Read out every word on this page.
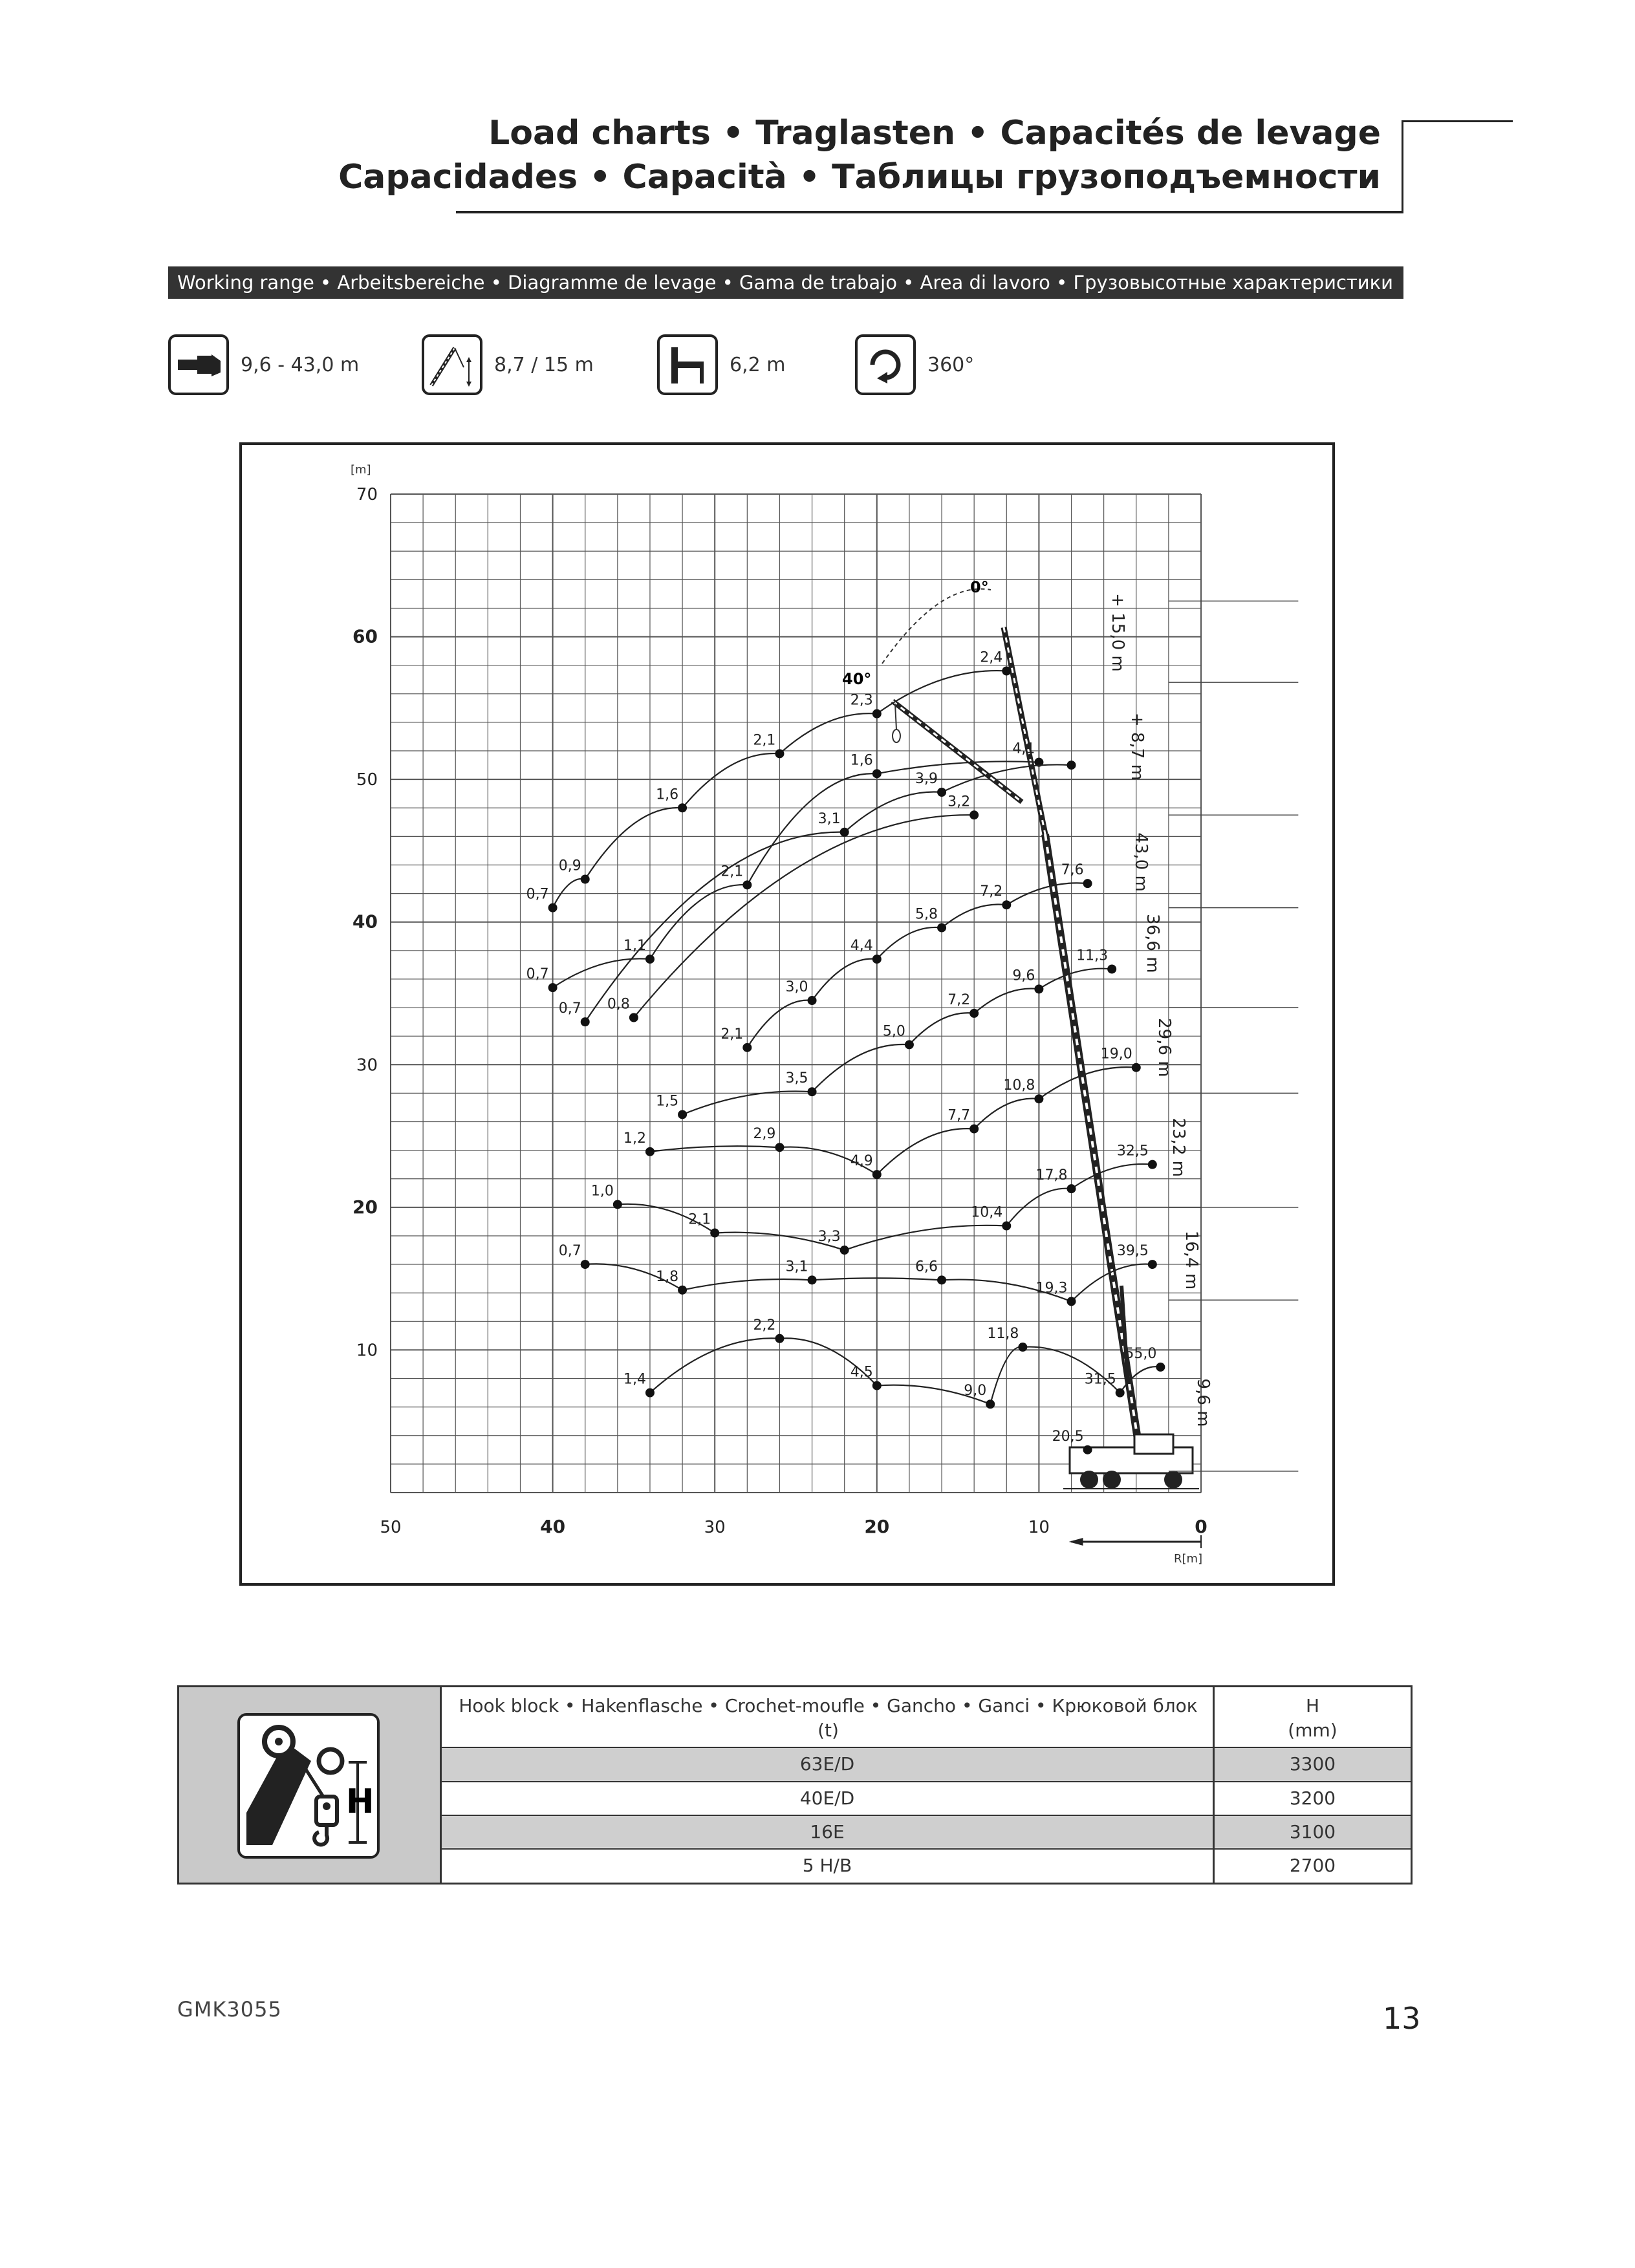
Load charts • Traglasten • Capacités de levage
Capacidades • Capacità • Таблицы грузоподъемности
Working range • Arbeitsbereiche • Diagramme de levage • Gama de trabajo • Area di lavoro • Грузовысотные характеристики
9,6 - 43,0 m	8,7 / 15 m	6,2 m	360°
10
20
30
40
50
60
70
[m]
50	40	30	20	10	0
R[m]
0°
40°
9,6 m
16,4 m
23,2 m
29,6 m
36,6 m
43,0 m
+ 8,7 m
+ 15,0 m
0,7
0,9
1,6
2,1
2,3
2,4
0,7
1,1
2,1
1,6
4,1
0,7
3,1
3,9
0,8
3,2
2,1
3,0
4,4
5,8
7,2
7,6
1,5
3,5
5,0
7,2
9,6
11,3
1,2	2,9
4,9
7,7
10,8
19,0
1,0
2,1
3,3
10,4
17,8
32,5
0,7
1,8
3,1	6,6
19,3
39,5
1,4
2,2
4,5
9,0
11,8
31,5
55,0
20,5
H
Hook block • Hakenflasche • Crochet-moufle • Gancho • Ganci • Крюковой блок
(t)
H
(mm)
63E/D	3300
40E/D	3200
16E	3100
5 H/B	2700
GMK3055	13
